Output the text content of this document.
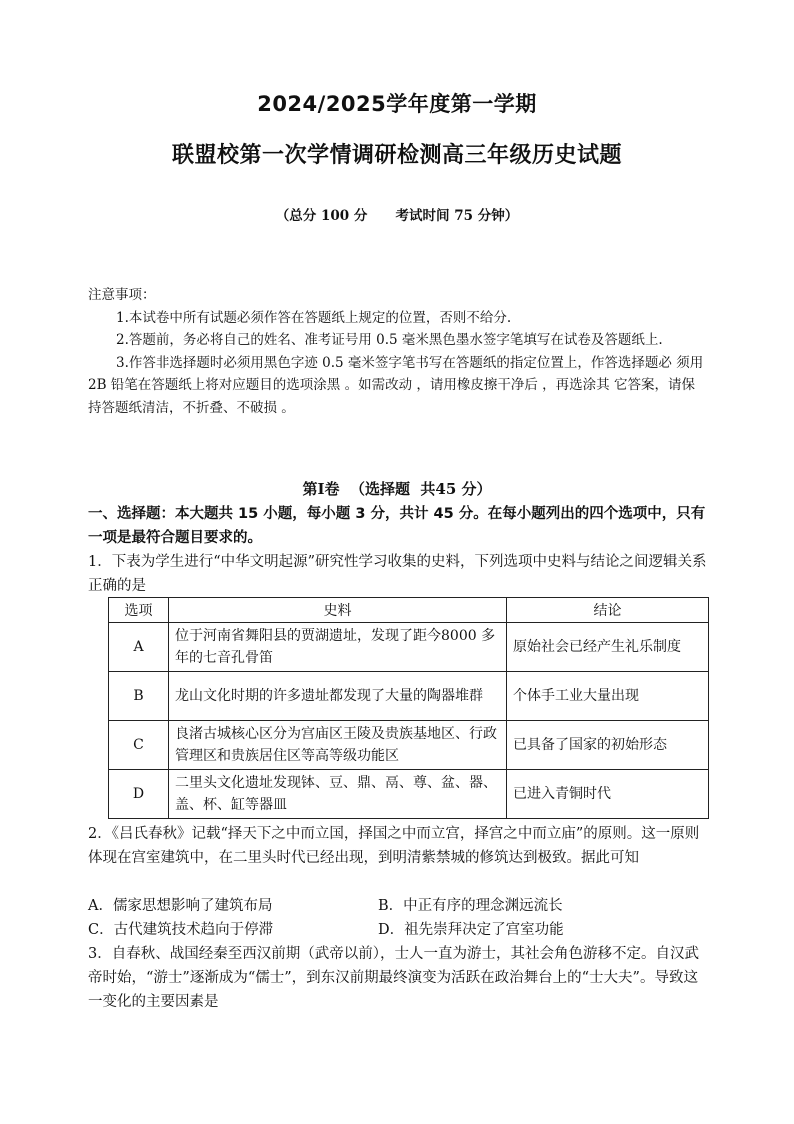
2024/2025学年度第一学期
联盟校第一次学情调研检测高三年级历史试题
（总分 100 分      考试时间 75 分钟）

注意事项：

1.本试卷中所有试题必须作答在答题纸上规定的位置，否则不给分.

2.答题前，务必将自己的姓名、准考证号用 0.5 毫米黑色墨水签字笔填写在试卷及答题纸上.

3.作答非选择题时必须用黑色字迹 0.5 毫米签字笔书写在答题纸的指定位置上，作答选择题必 须用 2B 铅笔在答题纸上将对应题目的选项涂黑 。如需改动 ，请用橡皮擦干净后 ，再选涂其 它答案，请保持答题纸清洁，不折叠、不破损 。

第Ⅰ卷  （选择题  共45 分）
一、选择题：本大题共 15 小题，每小题 3 分，共计 45 分。在每小题列出的四个选项中，只有一项是最符合题目要求的。
1．下表为学生进行“中华文明起源”研究性学习收集的史料，下列选项中史料与结论之间逻辑关系正确的是
选项	史料	结论
A	位于河南省舞阳县的贾湖遗址，发现了距今8000 多年的七音孔骨笛	原始社会已经产生礼乐制度
B	龙山文化时期的许多遗址都发现了大量的陶器堆群	个体手工业大量出现
C	良渚古城核心区分为宫庙区王陵及贵族基地区、行政管理区和贵族居住区等高等级功能区	已具备了国家的初始形态
D	二里头文化遗址发现钵、豆、鼎、鬲、尊、盆、器、盖、杯、缸等器皿	已进入青铜时代
2．《吕氏春秋》记载“择天下之中而立国，择国之中而立宫，择宫之中而立庙”的原则。这一原则体现在宫室建筑中，在二里头时代已经出现，到明清紫禁城的修筑达到极致。据此可知
A．儒家思想影响了建筑布局	B．中正有序的理念渊远流长
C．古代建筑技术趋向于停滞	D．祖先崇拜决定了宫室功能
3．自春秋、战国经秦至西汉前期（武帝以前），士人一直为游士，其社会角色游移不定。自汉武帝时始，“游士”逐渐成为“儒士”，到东汉前期最终演变为活跃在政治舞台上的“士大夫”。导致这一变化的主要因素是
